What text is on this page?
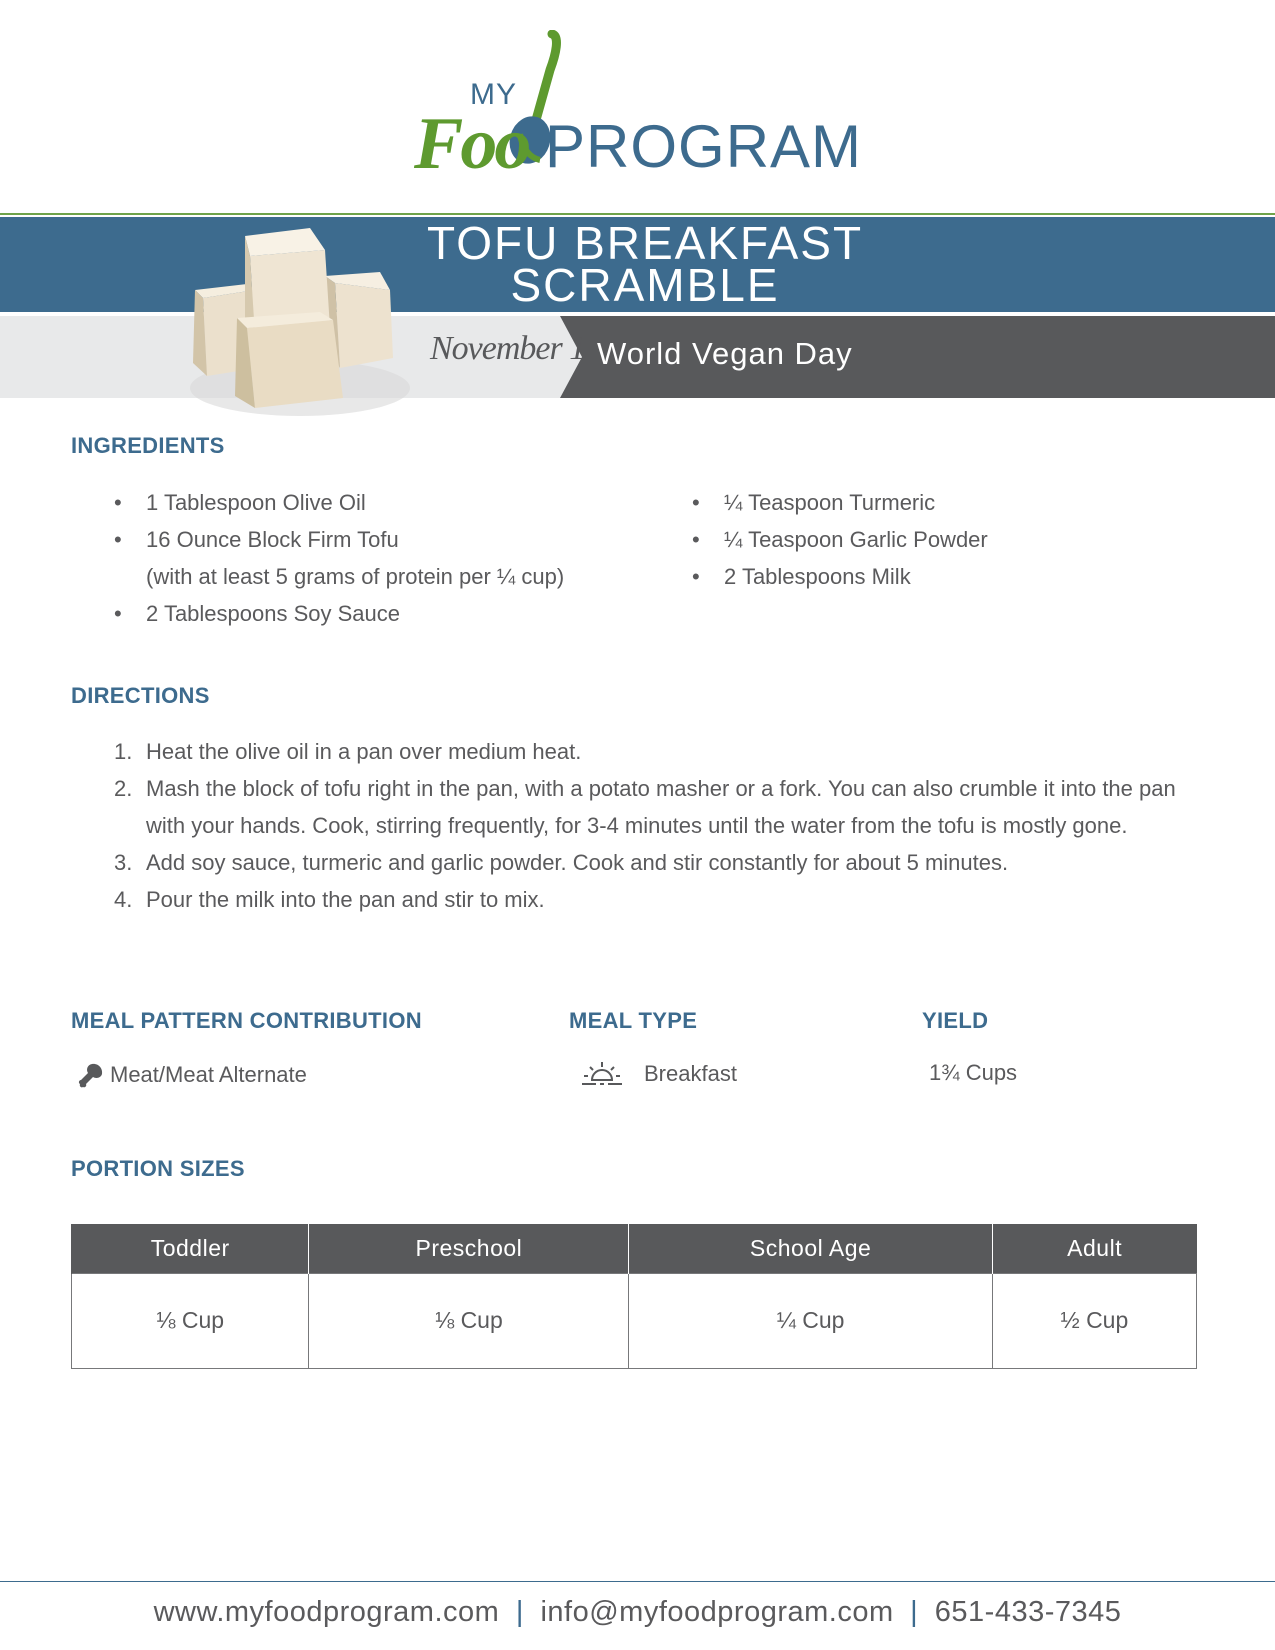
MY
Foo PROGRAM
TOFU BREAKFAST
SCRAMBLE
November 1 World Vegan Day
INGREDIENTS
• 1 Tablespoon Olive Oil
• 16 Ounce Block Firm Tofu
(with at least 5 grams of protein per ¼ cup)
• 2 Tablespoons Soy Sauce
• ¼ Teaspoon Turmeric
• ¼ Teaspoon Garlic Powder
• 2 Tablespoons Milk
DIRECTIONS
1. Heat the olive oil in a pan over medium heat.
2. Mash the block of tofu right in the pan, with a potato masher or a fork. You can also crumble it into the pan with your hands. Cook, stirring frequently, for 3-4 minutes until the water from the tofu is mostly gone.
3. Add soy sauce, turmeric and garlic powder. Cook and stir constantly for about 5 minutes.
4. Pour the milk into the pan and stir to mix.
MEAL PATTERN CONTRIBUTION
Meat/Meat Alternate
MEAL TYPE
Breakfast
YIELD
1¾ Cups
PORTION SIZES
Toddler	Preschool	School Age	Adult
⅛ Cup	⅛ Cup	¼ Cup	½ Cup
www.myfoodprogram.com | info@myfoodprogram.com | 651-433-7345
